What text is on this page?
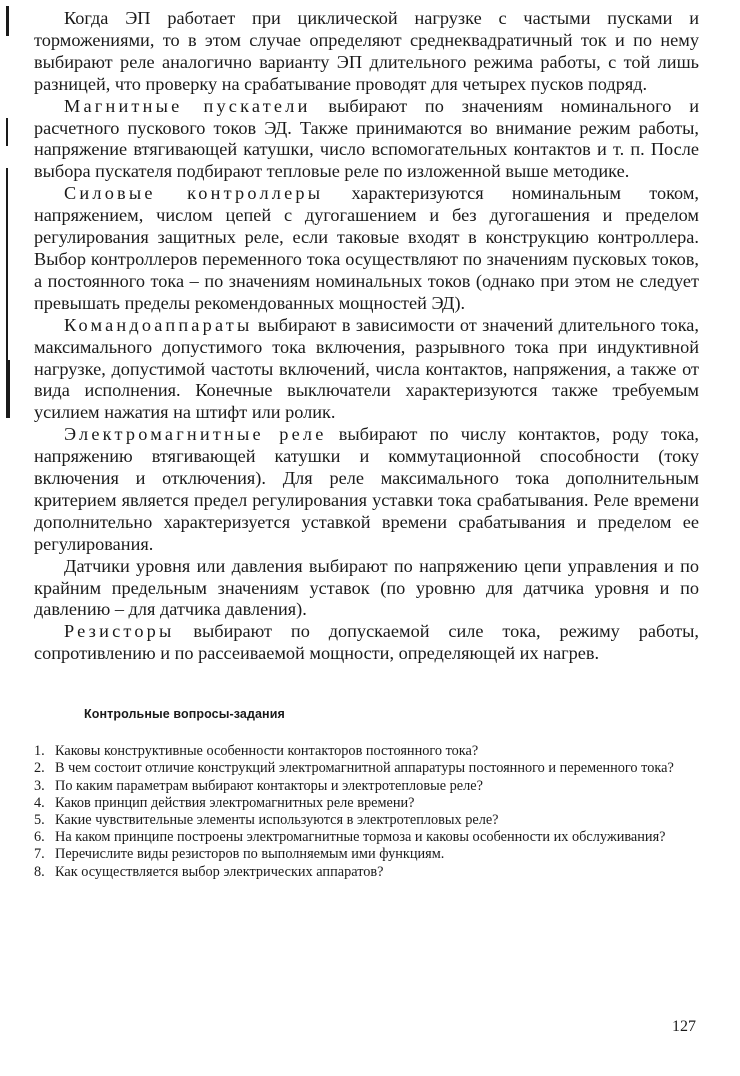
Когда ЭП работает при циклической нагрузке с частыми пусками и торможениями, то в этом случае определяют среднеквадратичный ток и по нему выбирают реле аналогично варианту ЭП длительного режима работы, с той лишь разницей, что проверку на срабатывание проводят для четырех пусков подряд.

Магнитные пускатели выбирают по значениям номинального и расчетного пускового токов ЭД. Также принимаются во внимание режим работы, напряжение втягивающей катушки, число вспомогательных контактов и т. п. После выбора пускателя подбирают тепловые реле по изложенной выше методике.

Силовые контроллеры характеризуются номинальным током, напряжением, числом цепей с дугогашением и без дугогашения и пределом регулирования защитных реле, если таковые входят в конструкцию контроллера. Выбор контроллеров переменного тока осуществляют по значениям пусковых токов, а постоянного тока – по значениям номинальных токов (однако при этом не следует превышать пределы рекомендованных мощностей ЭД).

Командоаппараты выбирают в зависимости от значений длительного тока, максимального допустимого тока включения, разрывного тока при индуктивной нагрузке, допустимой частоты включений, числа контактов, напряжения, а также от вида исполнения. Конечные выключатели характеризуются также требуемым усилием нажатия на штифт или ролик.

Электромагнитные реле выбирают по числу контактов, роду тока, напряжению втягивающей катушки и коммутационной способности (току включения и отключения). Для реле максимального тока дополнительным критерием является предел регулирования уставки тока срабатывания. Реле времени дополнительно характеризуется уставкой времени срабатывания и пределом ее регулирования.

Датчики уровня или давления выбирают по напряжению цепи управления и по крайним предельным значениям уставок (по уровню для датчика уровня и по давлению – для датчика давления).

Резисторы выбирают по допускаемой силе тока, режиму работы, сопротивлению и по рассеиваемой мощности, определяющей их нагрев.

Контрольные вопросы-задания
1. Каковы конструктивные особенности контакторов постоянного тока?
2. В чем состоит отличие конструкций электромагнитной аппаратуры постоянного и переменного тока?
3. По каким параметрам выбирают контакторы и электротепловые реле?
4. Каков принцип действия электромагнитных реле времени?
5. Какие чувствительные элементы используются в электротепловых реле?
6. На каком принципе построены электромагнитные тормоза и каковы особенности их обслуживания?
7. Перечислите виды резисторов по выполняемым ими функциям.
8. Как осуществляется выбор электрических аппаратов?
127
